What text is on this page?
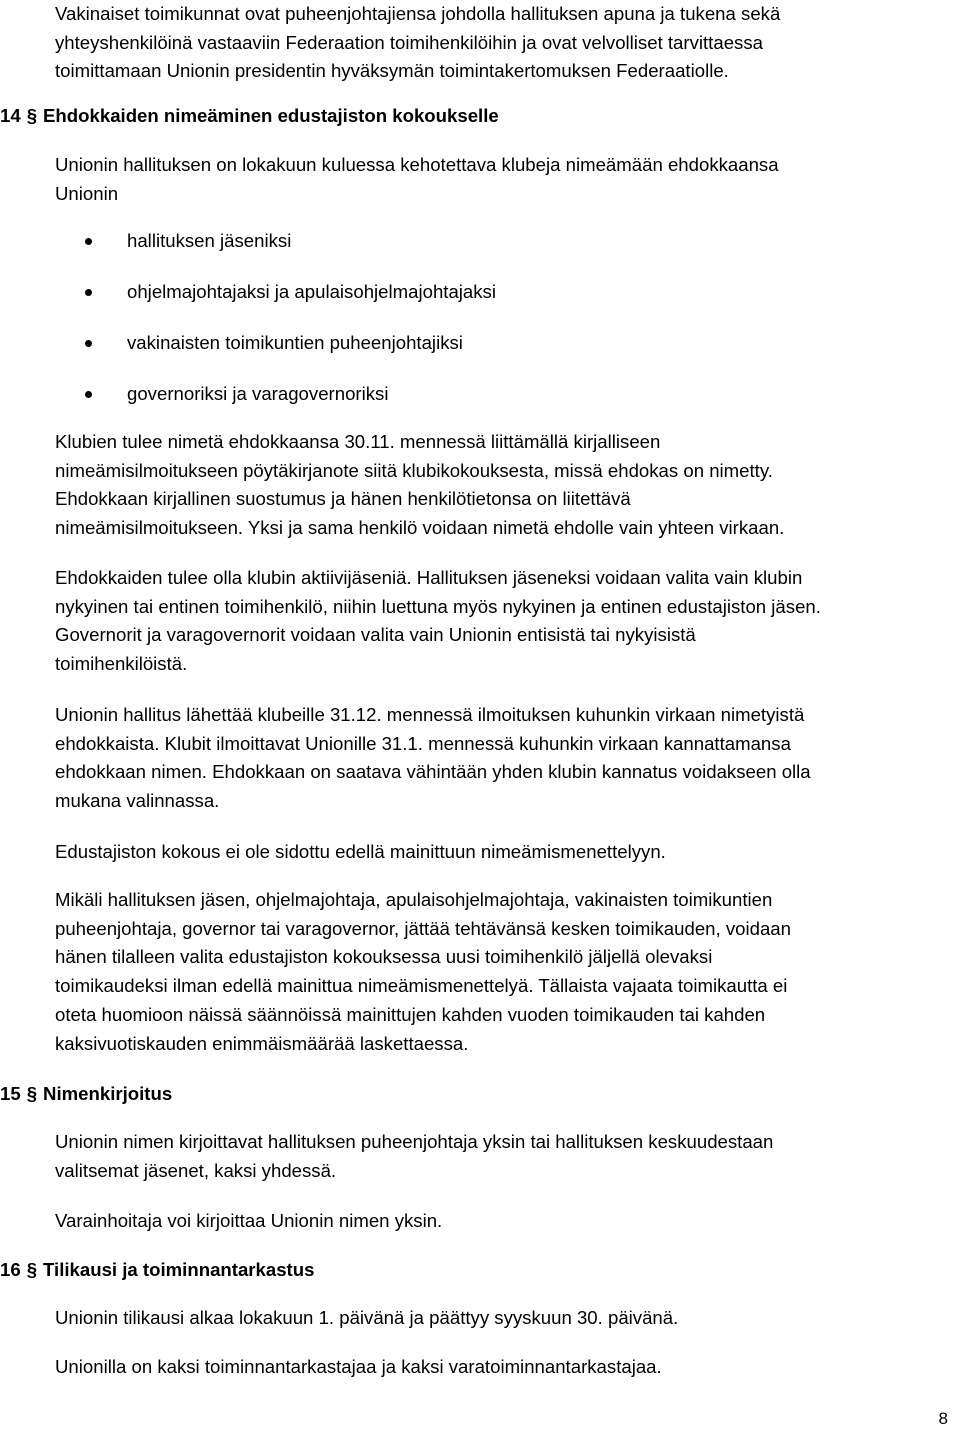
Vakinaiset toimikunnat ovat puheenjohtajiensa johdolla hallituksen apuna ja tukena sekä
yhteyshenkilöinä vastaaviin Federaation toimihenkilöihin ja ovat velvolliset tarvittaessa
toimittamaan Unionin presidentin hyväksymän toimintakertomuksen Federaatiolle.
14 § Ehdokkaiden nimeäminen edustajiston kokoukselle
Unionin hallituksen on lokakuun kuluessa kehotettava klubeja nimeämään ehdokkaansa
Unionin
hallituksen jäseniksi
ohjelmajohtajaksi ja apulaisohjelmajohtajaksi
vakinaisten toimikuntien puheenjohtajiksi
governoriksi ja varagovernoriksi
Klubien tulee nimetä ehdokkaansa 30.11. mennessä liittämällä kirjalliseen
nimeämisilmoitukseen pöytäkirjanote siitä klubikokouksesta, missä ehdokas on nimetty.
Ehdokkaan kirjallinen suostumus ja hänen henkilötietonsa on liitettävä
nimeämisilmoitukseen. Yksi ja sama henkilö voidaan nimetä ehdolle vain yhteen virkaan.
Ehdokkaiden tulee olla klubin aktiivijäseniä. Hallituksen jäseneksi voidaan valita vain klubin
nykyinen tai entinen toimihenkilö, niihin luettuna myös nykyinen ja entinen edustajiston jäsen.
Governorit ja varagovernorit voidaan valita vain Unionin entisistä tai nykyisistä
toimihenkilöistä.
Unionin hallitus lähettää klubeille 31.12. mennessä ilmoituksen kuhunkin virkaan nimetyistä
ehdokkaista. Klubit ilmoittavat Unionille 31.1. mennessä kuhunkin virkaan kannattamansa
ehdokkaan nimen. Ehdokkaan on saatava vähintään yhden klubin kannatus voidakseen olla
mukana valinnassa.
Edustajiston kokous ei ole sidottu edellä mainittuun nimeämismenettelyyn.
Mikäli hallituksen jäsen, ohjelmajohtaja, apulaisohjelmajohtaja, vakinaisten toimikuntien
puheenjohtaja, governor tai varagovernor, jättää tehtävänsä kesken toimikauden, voidaan
hänen tilalleen valita edustajiston kokouksessa uusi toimihenkilö jäljellä olevaksi
toimikaudeksi ilman edellä mainittua nimeämismenettelyä. Tällaista vajaata toimikautta ei
oteta huomioon näissä säännöissä mainittujen kahden vuoden toimikauden tai kahden
kaksivuotiskauden enimmäismäärää laskettaessa.
15 § Nimenkirjoitus
Unionin nimen kirjoittavat hallituksen puheenjohtaja yksin tai hallituksen keskuudestaan
valitsemat jäsenet, kaksi yhdessä.
Varainhoitaja voi kirjoittaa Unionin nimen yksin.
16 § Tilikausi ja toiminnantarkastus
Unionin tilikausi alkaa lokakuun 1. päivänä ja päättyy syyskuun 30. päivänä.
Unionilla on kaksi toiminnantarkastajaa ja kaksi varatoiminnantarkastajaa.
8
